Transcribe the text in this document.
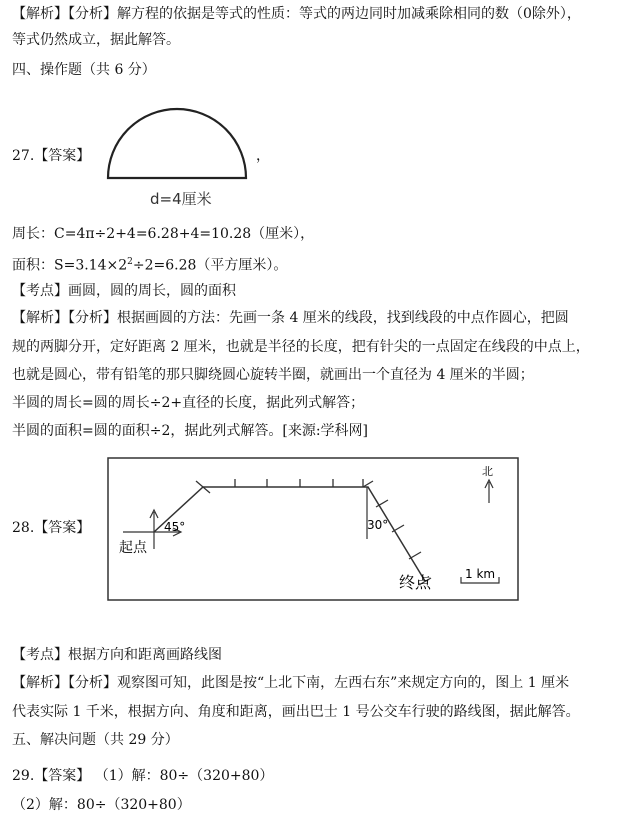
【解析】【分析】解方程的依据是等式的性质：等式的两边同时加减乘除相同的数（0除外），
等式仍然成立，据此解答。
四、操作题（共 6 分）
27.【答案】	，
d=4厘米
周长：C=4π÷2+4=6.28+4=10.28（厘米），
面积：$S=3.14\times 2^2\div 2=6.28$（平方厘米）。
【考点】画圆，圆的周长，圆的面积
【解析】【分析】根据画圆的方法：先画一条 4 厘米的线段，找到线段的中点作圆心，把圆
规的两脚分开，定好距离 2 厘米，也就是半径的长度，把有针尖的一点固定在线段的中点上，
也就是圆心，带有铅笔的那只脚绕圆心旋转半圈，就画出一个直径为 4 厘米的半圆；
半圆的周长=圆的周长÷2+直径的长度，据此列式解答；
半圆的面积=圆的面积÷2，据此列式解答。[来源:学科网]
28.【答案】	45°	30°
起点
终点
北
1 km
【考点】根据方向和距离画路线图
【解析】【分析】观察图可知，此图是按“上北下南，左西右东”来规定方向的，图上 1 厘米
代表实际 1 千米，根据方向、角度和距离，画出巴士 1 号公交车行驶的路线图，据此解答。
五、解决问题（共 29 分）
29.【答案】 （1）解：80÷（320+80）
（2）解：80÷（320+80）
